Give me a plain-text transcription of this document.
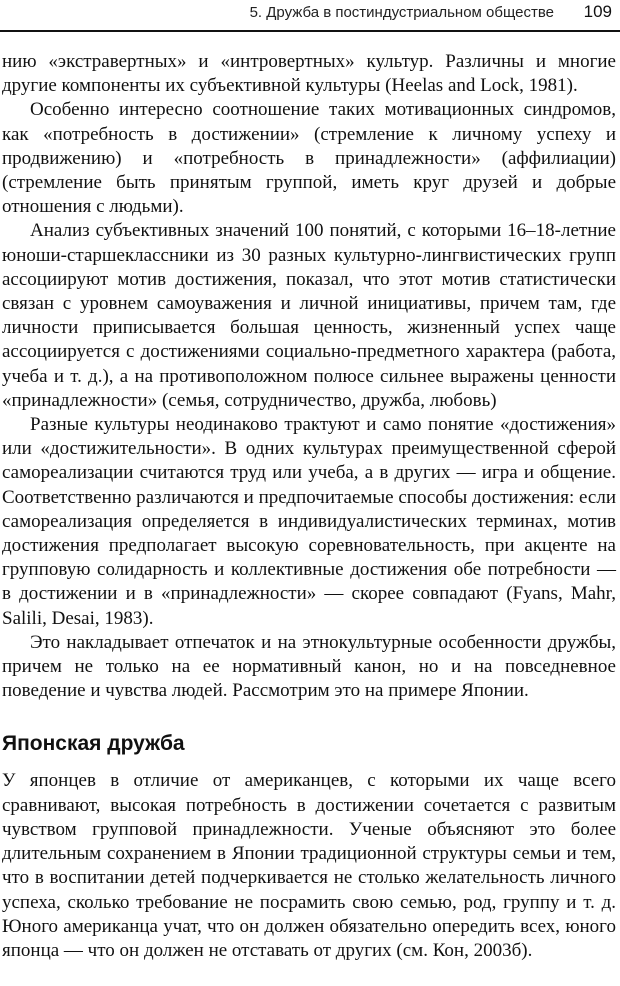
5. Дружба в постиндустриальном обществе 109

нию «экстравертных» и «интровертных» культур. Различны и многие другие компоненты их субъективной культуры (Heelas and Lock, 1981).

Особенно интересно соотношение таких мотивационных синдромов, как «потребность в достижении» (стремление к личному успеху и продвижению) и «потребность в принадлежности» (аффилиации) (стремление быть принятым группой, иметь круг друзей и добрые отношения с людьми).

Анализ субъективных значений 100 понятий, с которыми 16–18-летние юноши-старшеклассники из 30 разных культурно-лингвистических групп ассоциируют мотив достижения, показал, что этот мотив статистически связан с уровнем самоуважения и личной инициативы, причем там, где личности приписывается большая ценность, жизненный успех чаще ассоциируется с достижениями социально-предметного характера (работа, учеба и т. д.), а на противоположном полюсе сильнее выражены ценности «принадлежности» (семья, сотрудничество, дружба, любовь)

Разные культуры неодинаково трактуют и само понятие «достижения» или «достижительности». В одних культурах преимущественной сферой самореализации считаются труд или учеба, а в других — игра и общение. Соответственно различаются и предпочитаемые способы достижения: если самореализация определяется в индивидуалистических терминах, мотив достижения предполагает высокую соревновательность, при акценте на групповую солидарность и коллективные достижения обе потребности — в достижении и в «принадлежности» — скорее совпадают (Fyans, Mahr, Salili, Desai, 1983).

Это накладывает отпечаток и на этнокультурные особенности дружбы, причем не только на ее нормативный канон, но и на повседневное поведение и чувства людей. Рассмотрим это на примере Японии.

Японская дружба

У японцев в отличие от американцев, с которыми их чаще всего сравнивают, высокая потребность в достижении сочетается с развитым чувством групповой принадлежности. Ученые объясняют это более длительным сохранением в Японии традиционной структуры семьи и тем, что в воспитании детей подчеркивается не столько желательность личного успеха, сколько требование не посрамить свою семью, род, группу и т. д. Юного американца учат, что он должен обязательно опередить всех, юного японца — что он должен не отставать от других (см. Кон, 2003б).
